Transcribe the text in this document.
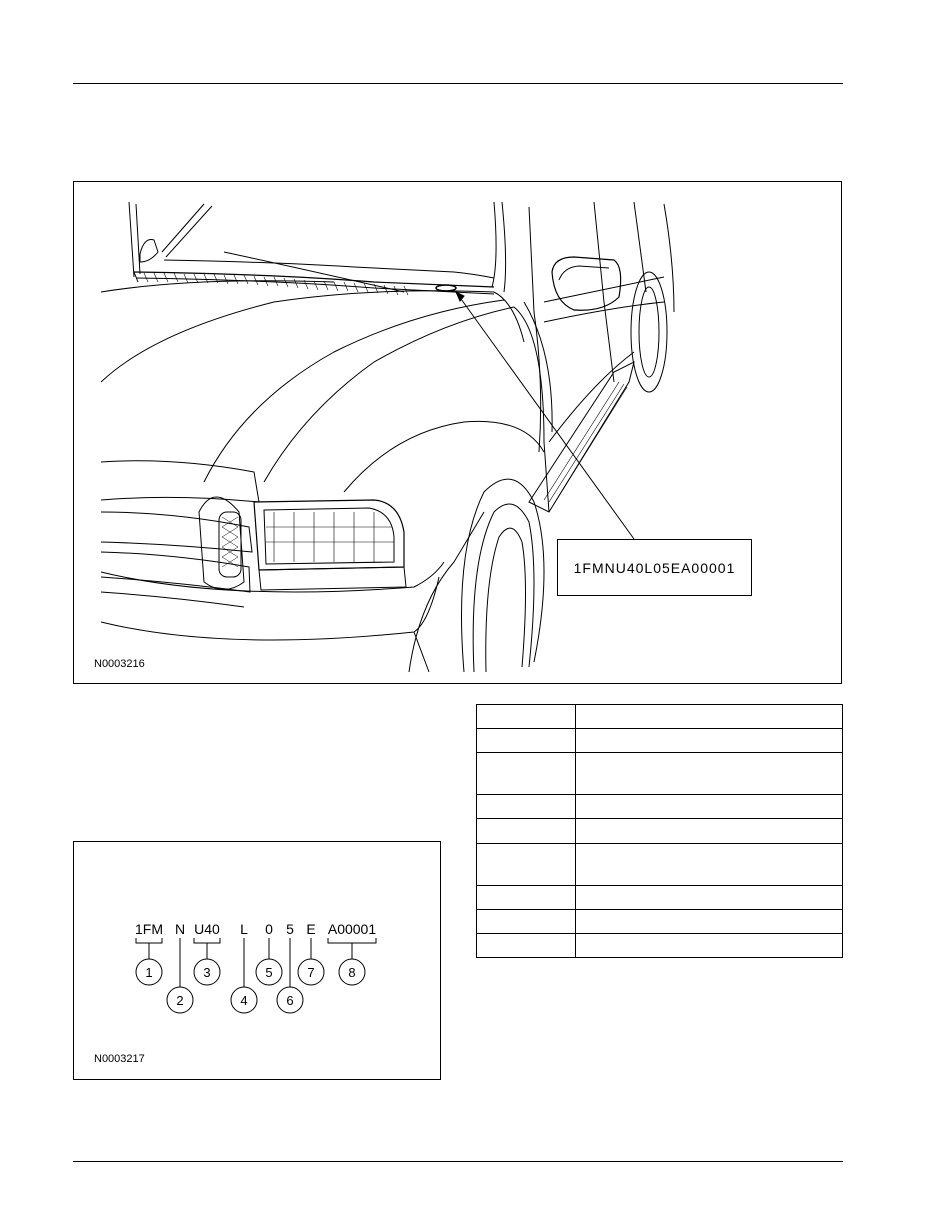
1FMNU40L05EA00001
N0003216

1FM N U40 L 0 5 E A00001
1
2
3
4
5
6
7	8
N0003217
